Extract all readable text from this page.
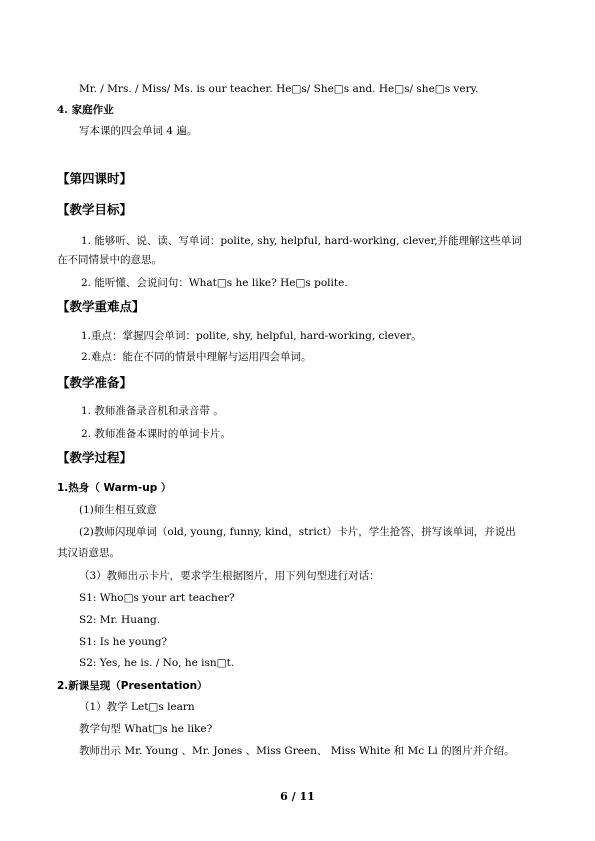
Mr. / Mrs. / Miss/ Ms. is our teacher. He□s/ She□s and. He□s/ she□s very.
4. 家庭作业
写本课的四会单词 4 遍。
【第四课时】
【教学目标】
1. 能够听、说、读、写单词：polite, shy, helpful, hard-working, clever,并能理解这些单词
在不同情景中的意思。
2. 能听懂、会说问句：What□s he like? He□s polite.
【教学重难点】
1.重点：掌握四会单词：polite, shy, helpful, hard-working, clever。
2.难点：能在不同的情景中理解与运用四会单词。
【教学准备】
1. 教师准备录音机和录音带 。
2. 教师准备本课时的单词卡片。
【教学过程】
1.热身（ Warm-up ）
(1)师生相互致意
(2)教师闪现单词（old, young, funny, kind，strict）卡片，学生抢答，拼写该单词，并说出
其汉语意思。
（3）教师出示卡片，要求学生根据图片，用下列句型进行对话：
S1: Who□s your art teacher?
S2: Mr. Huang.
S1: Is he young?
S2: Yes, he is. / No, he isn□t.
2.新课呈现（Presentation）
（1）教学 Let□s learn
教学句型 What□s he like?
教师出示 Mr. Young 、Mr. Jones 、Miss Green、 Miss White 和 Mc Li 的图片并介绍。
6 / 11
